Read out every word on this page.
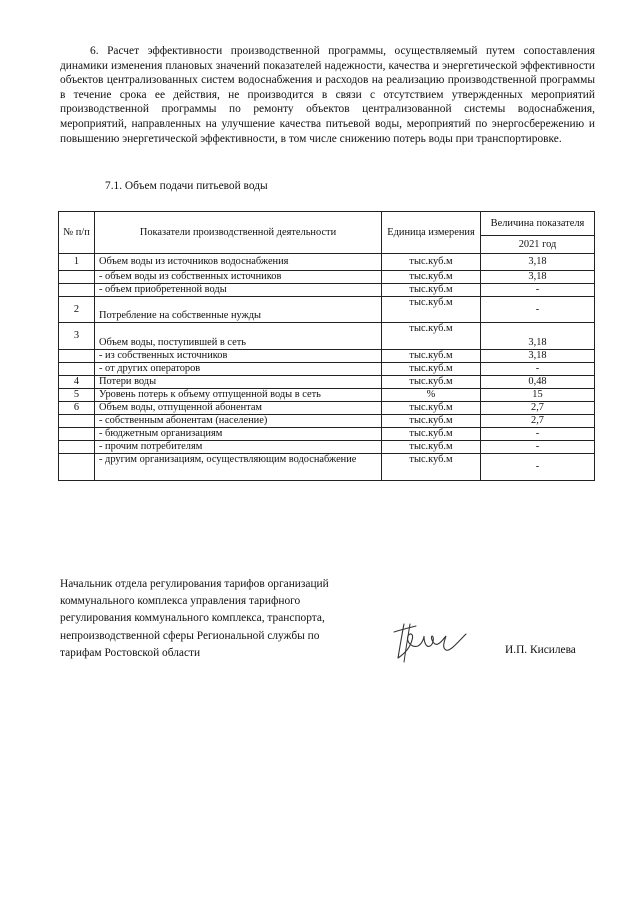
6. Расчет эффективности производственной программы, осуществляемый путем сопоставления динамики изменения плановых значений показателей надежности, качества и энергетической эффективности объектов централизованных систем водоснабжения и расходов на реализацию производственной программы в течение срока ее действия, не производится в связи с отсутствием утвержденных мероприятий производственной программы по ремонту объектов централизованной системы водоснабжения, мероприятий, направленных на улучшение качества питьевой воды, мероприятий по энергосбережению и повышению энергетической эффективности, в том числе снижению потерь воды при транспортировке.

7.1. Объем подачи питьевой воды

№ п/п	Показатели производственной деятельности	Единица измерения	Величина показателя
			2021 год
1	Объем воды из источников водоснабжения	тыс.куб.м	3,18
	- объем воды из собственных источников	тыс.куб.м	3,18
	- объем приобретенной воды	тыс.куб.м	-
2	Потребление на собственные нужды	тыс.куб.м	-
3	Объем воды, поступившей в сеть	тыс.куб.м	3,18
	- из собственных источников	тыс.куб.м	3,18
	- от других операторов	тыс.куб.м	-
4	Потери воды	тыс.куб.м	0,48
5	Уровень потерь к объему отпущенной воды в сеть	%	15
6	Объем воды, отпущенной абонентам	тыс.куб.м	2,7
	- собственным абонентам (население)	тыс.куб.м	2,7
	- бюджетным организациям	тыс.куб.м	-
	- прочим потребителям	тыс.куб.м	-
	- другим организациям, осуществляющим водоснабжение	тыс.куб.м	-
Начальник отдела регулирования тарифов организаций
коммунального комплекса управления тарифного
регулирования коммунального комплекса, транспорта,
непроизводственной сферы Региональной службы по
тарифам Ростовской области	И.П. Кисилева
